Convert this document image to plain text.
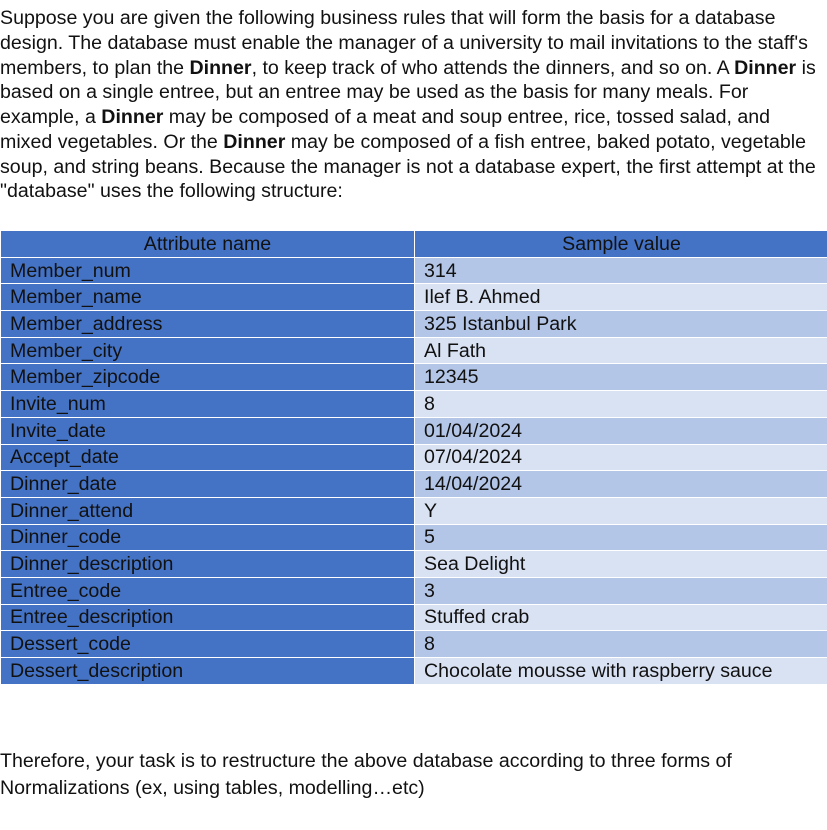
Suppose you are given the following business rules that will form the basis for a database design. The database must enable the manager of a university to mail invitations to the staff's members, to plan the Dinner, to keep track of who attends the dinners, and so on. A Dinner is based on a single entree, but an entree may be used as the basis for many meals. For example, a Dinner may be composed of a meat and soup entree, rice, tossed salad, and mixed vegetables. Or the Dinner may be composed of a fish entree, baked potato, vegetable soup, and string beans. Because the manager is not a database expert, the first attempt at the "database" uses the following structure:

Attribute name	Sample value
Member_num	314
Member_name	Ilef B. Ahmed
Member_address	325 Istanbul Park
Member_city	Al Fath
Member_zipcode	12345
Invite_num	8
Invite_date	01/04/2024
Accept_date	07/04/2024
Dinner_date	14/04/2024
Dinner_attend	Y
Dinner_code	5
Dinner_description	Sea Delight
Entree_code	3
Entree_description	Stuffed crab
Dessert_code	8
Dessert_description	Chocolate mousse with raspberry sauce

Therefore, your task is to restructure the above database according to three forms of Normalizations (ex, using tables, modelling…etc)
